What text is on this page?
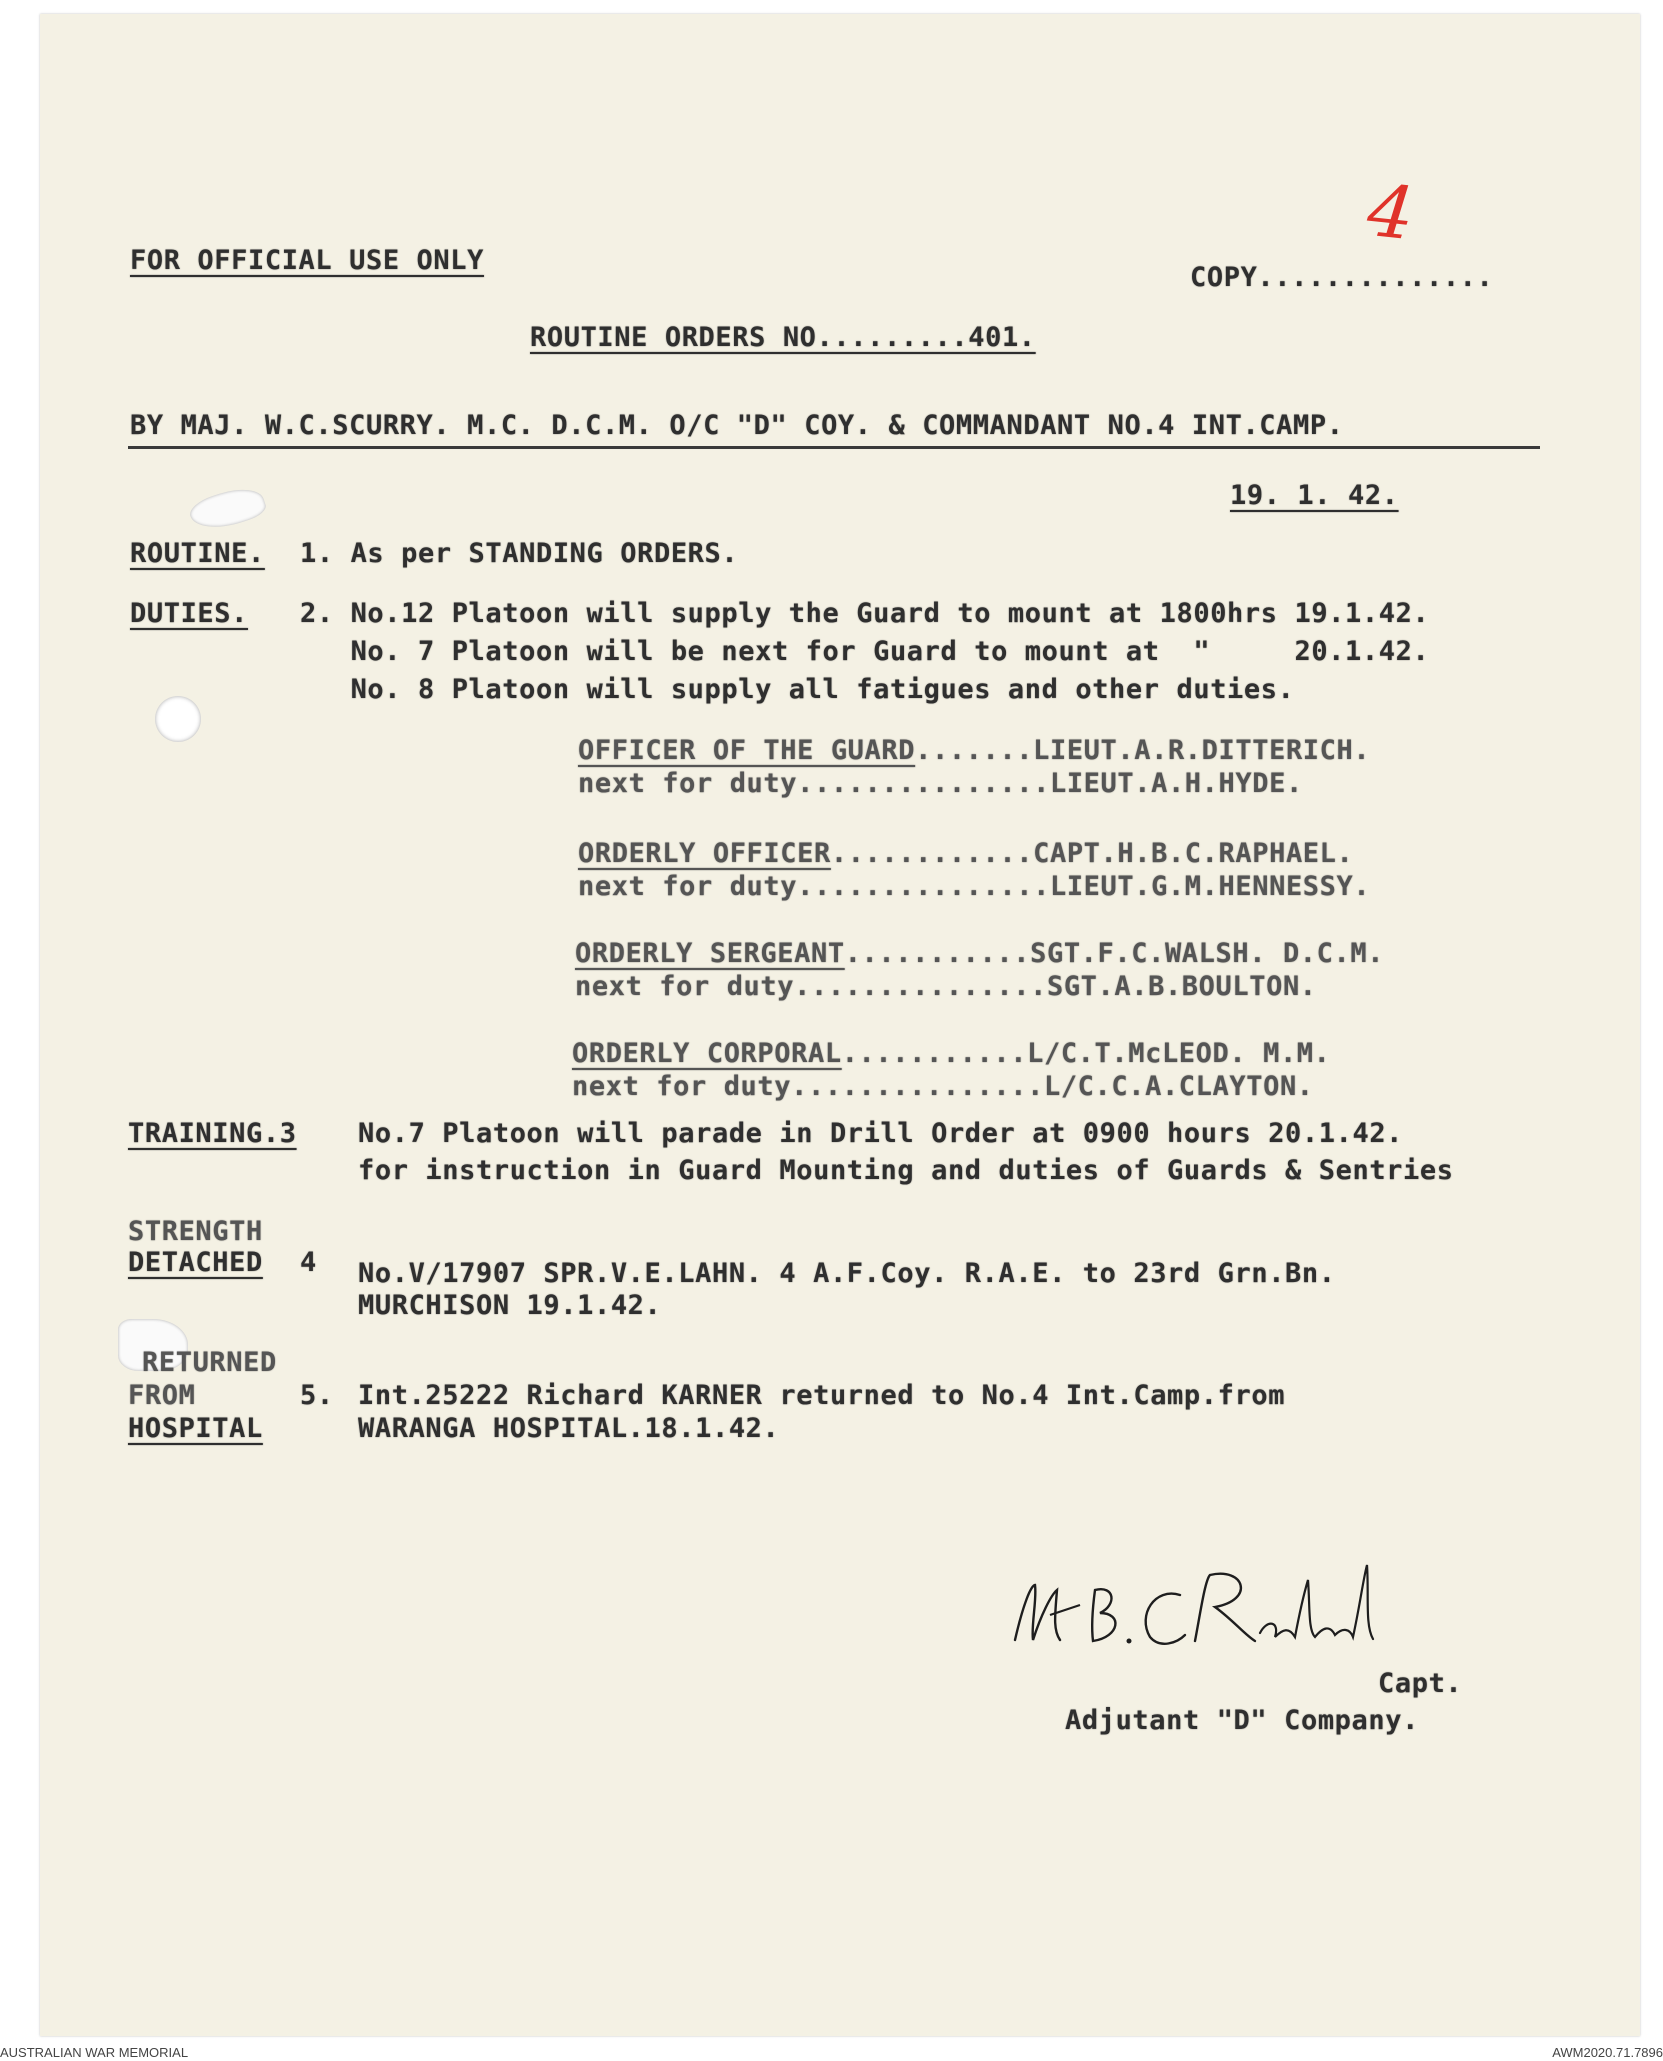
FOR OFFICIAL USE ONLY
COPY..............
4
ROUTINE ORDERS NO.........401.
BY MAJ. W.C.SCURRY. M.C. D.C.M. O/C "D" COY. & COMMANDANT NO.4 INT.CAMP.
19. 1. 42.
ROUTINE. 1. As per STANDING ORDERS.
DUTIES. 2. No.12 Platoon will supply the Guard to mount at 1800hrs 19.1.42.
No. 7 Platoon will be next for Guard to mount at  "     20.1.42.
No. 8 Platoon will supply all fatigues and other duties.
OFFICER OF THE GUARD.......LIEUT.A.R.DITTERICH.
next for duty...............LIEUT.A.H.HYDE.
ORDERLY OFFICER............CAPT.H.B.C.RAPHAEL.
next for duty...............LIEUT.G.M.HENNESSY.
ORDERLY SERGEANT...........SGT.F.C.WALSH. D.C.M.
next for duty...............SGT.A.B.BOULTON.
ORDERLY CORPORAL...........L/C.T.McLEOD. M.M.
next for duty...............L/C.C.A.CLAYTON.
TRAINING.3 No.7 Platoon will parade in Drill Order at 0900 hours 20.1.42.
for instruction in Guard Mounting and duties of Guards & Sentries
STRENGTH
DETACHED 4 No.V/17907 SPR.V.E.LAHN. 4 A.F.Coy. R.A.E. to 23rd Grn.Bn.
MURCHISON 19.1.42.
RETURNED
FROM
HOSPITAL
5. Int.25222 Richard KARNER returned to No.4 Int.Camp.from
WARANGA HOSPITAL.18.1.42.
Capt.
Adjutant "D" Company.
AUSTRALIAN WAR MEMORIAL	AWM2020.71.7896
